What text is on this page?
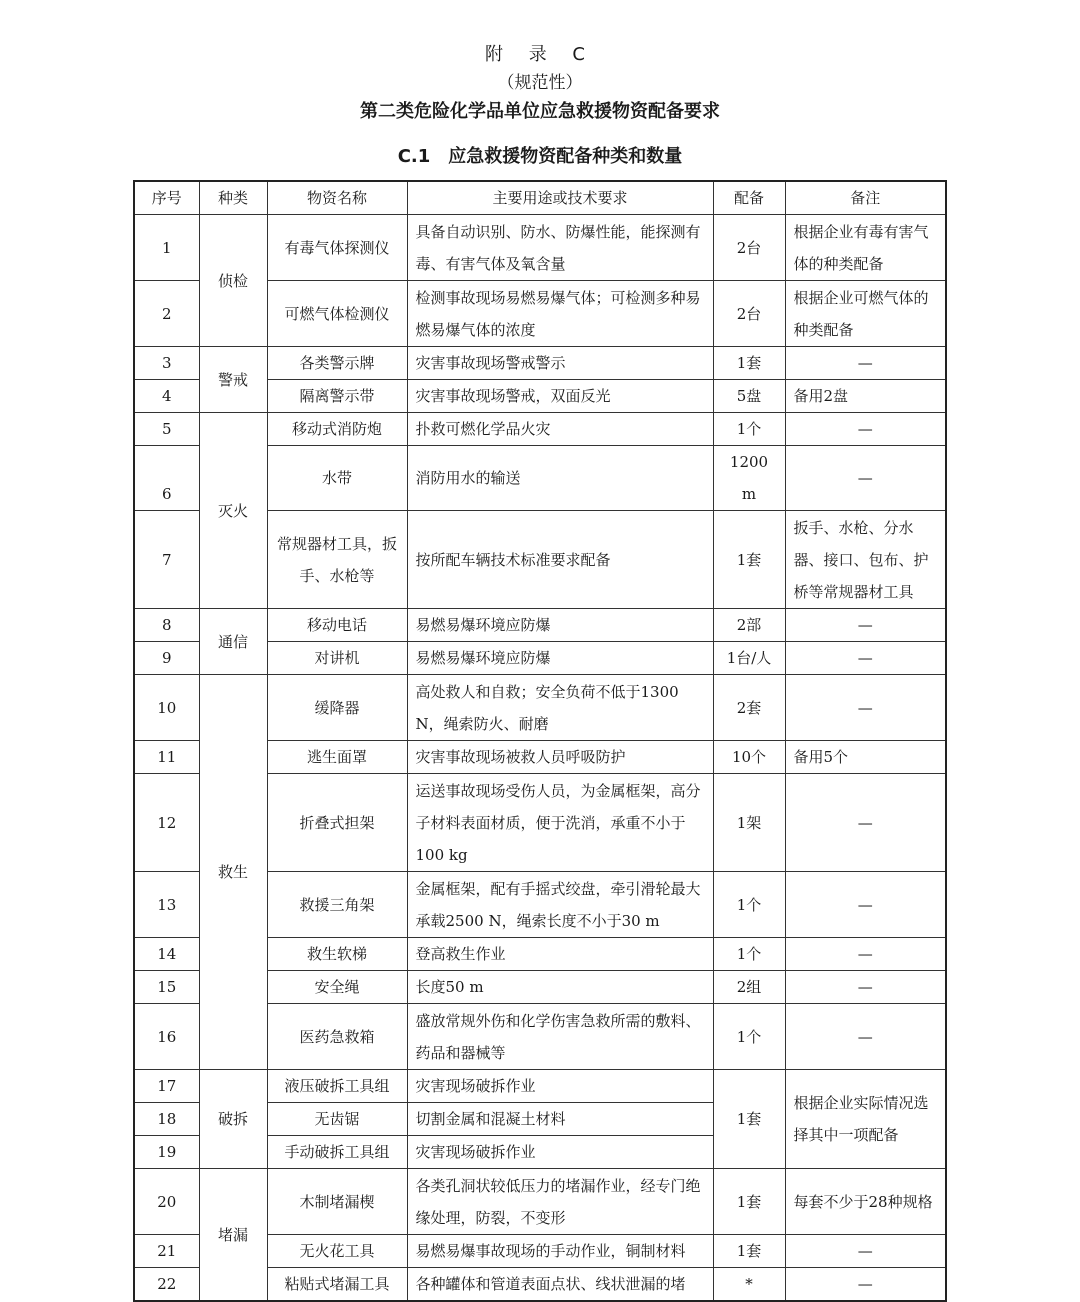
附 录 C
（规范性）
第二类危险化学品单位应急救援物资配备要求
C.1　应急救援物资配备种类和数量
序号	种类	物资名称	主要用途或技术要求	配备	备注
1	侦检	有毒气体探测仪	具备自动识别、防水、防爆性能，能探测有毒、有害气体及氧含量	2台	根据企业有毒有害气体的种类配备
2		可燃气体检测仪	检测事故现场易燃易爆气体；可检测多种易燃易爆气体的浓度	2台	根据企业可燃气体的种类配备
3	警戒	各类警示牌	灾害事故现场警戒警示	1套	—
4		隔离警示带	灾害事故现场警戒，双面反光	5盘	备用2盘
5	灭火	移动式消防炮	扑救可燃化学品火灾	1个	—
6		水带	消防用水的输送	1200 m	—
7		常规器材工具，扳手、水枪等	按所配车辆技术标准要求配备	1套	扳手、水枪、分水器、接口、包布、护桥等常规器材工具
8	通信	移动电话	易燃易爆环境应防爆	2部	—
9		对讲机	易燃易爆环境应防爆	1台/人	—
10	救生	缓降器	高处救人和自救；安全负荷不低于1300 N，绳索防火、耐磨	2套	—
11		逃生面罩	灾害事故现场被救人员呼吸防护	10个	备用5个
12		折叠式担架	运送事故现场受伤人员，为金属框架，高分子材料表面材质，便于洗消，承重不小于100 kg	1架	—
13		救援三角架	金属框架，配有手摇式绞盘，牵引滑轮最大承载2500 N，绳索长度不小于30 m	1个	—
14		救生软梯	登高救生作业	1个	—
15		安全绳	长度50 m	2组	—
16		医药急救箱	盛放常规外伤和化学伤害急救所需的敷料、药品和器械等	1个	—
17	破拆	液压破拆工具组	灾害现场破拆作业	1套	根据企业实际情况选择其中一项配备
18		无齿锯	切割金属和混凝土材料		
19		手动破拆工具组	灾害现场破拆作业		
20	堵漏	木制堵漏楔	各类孔洞状较低压力的堵漏作业，经专门绝缘处理，防裂，不变形	1套	每套不少于28种规格
21		无火花工具	易燃易爆事故现场的手动作业，铜制材料	1套	—
22		粘贴式堵漏工具	各种罐体和管道表面点状、线状泄漏的堵	*	—
